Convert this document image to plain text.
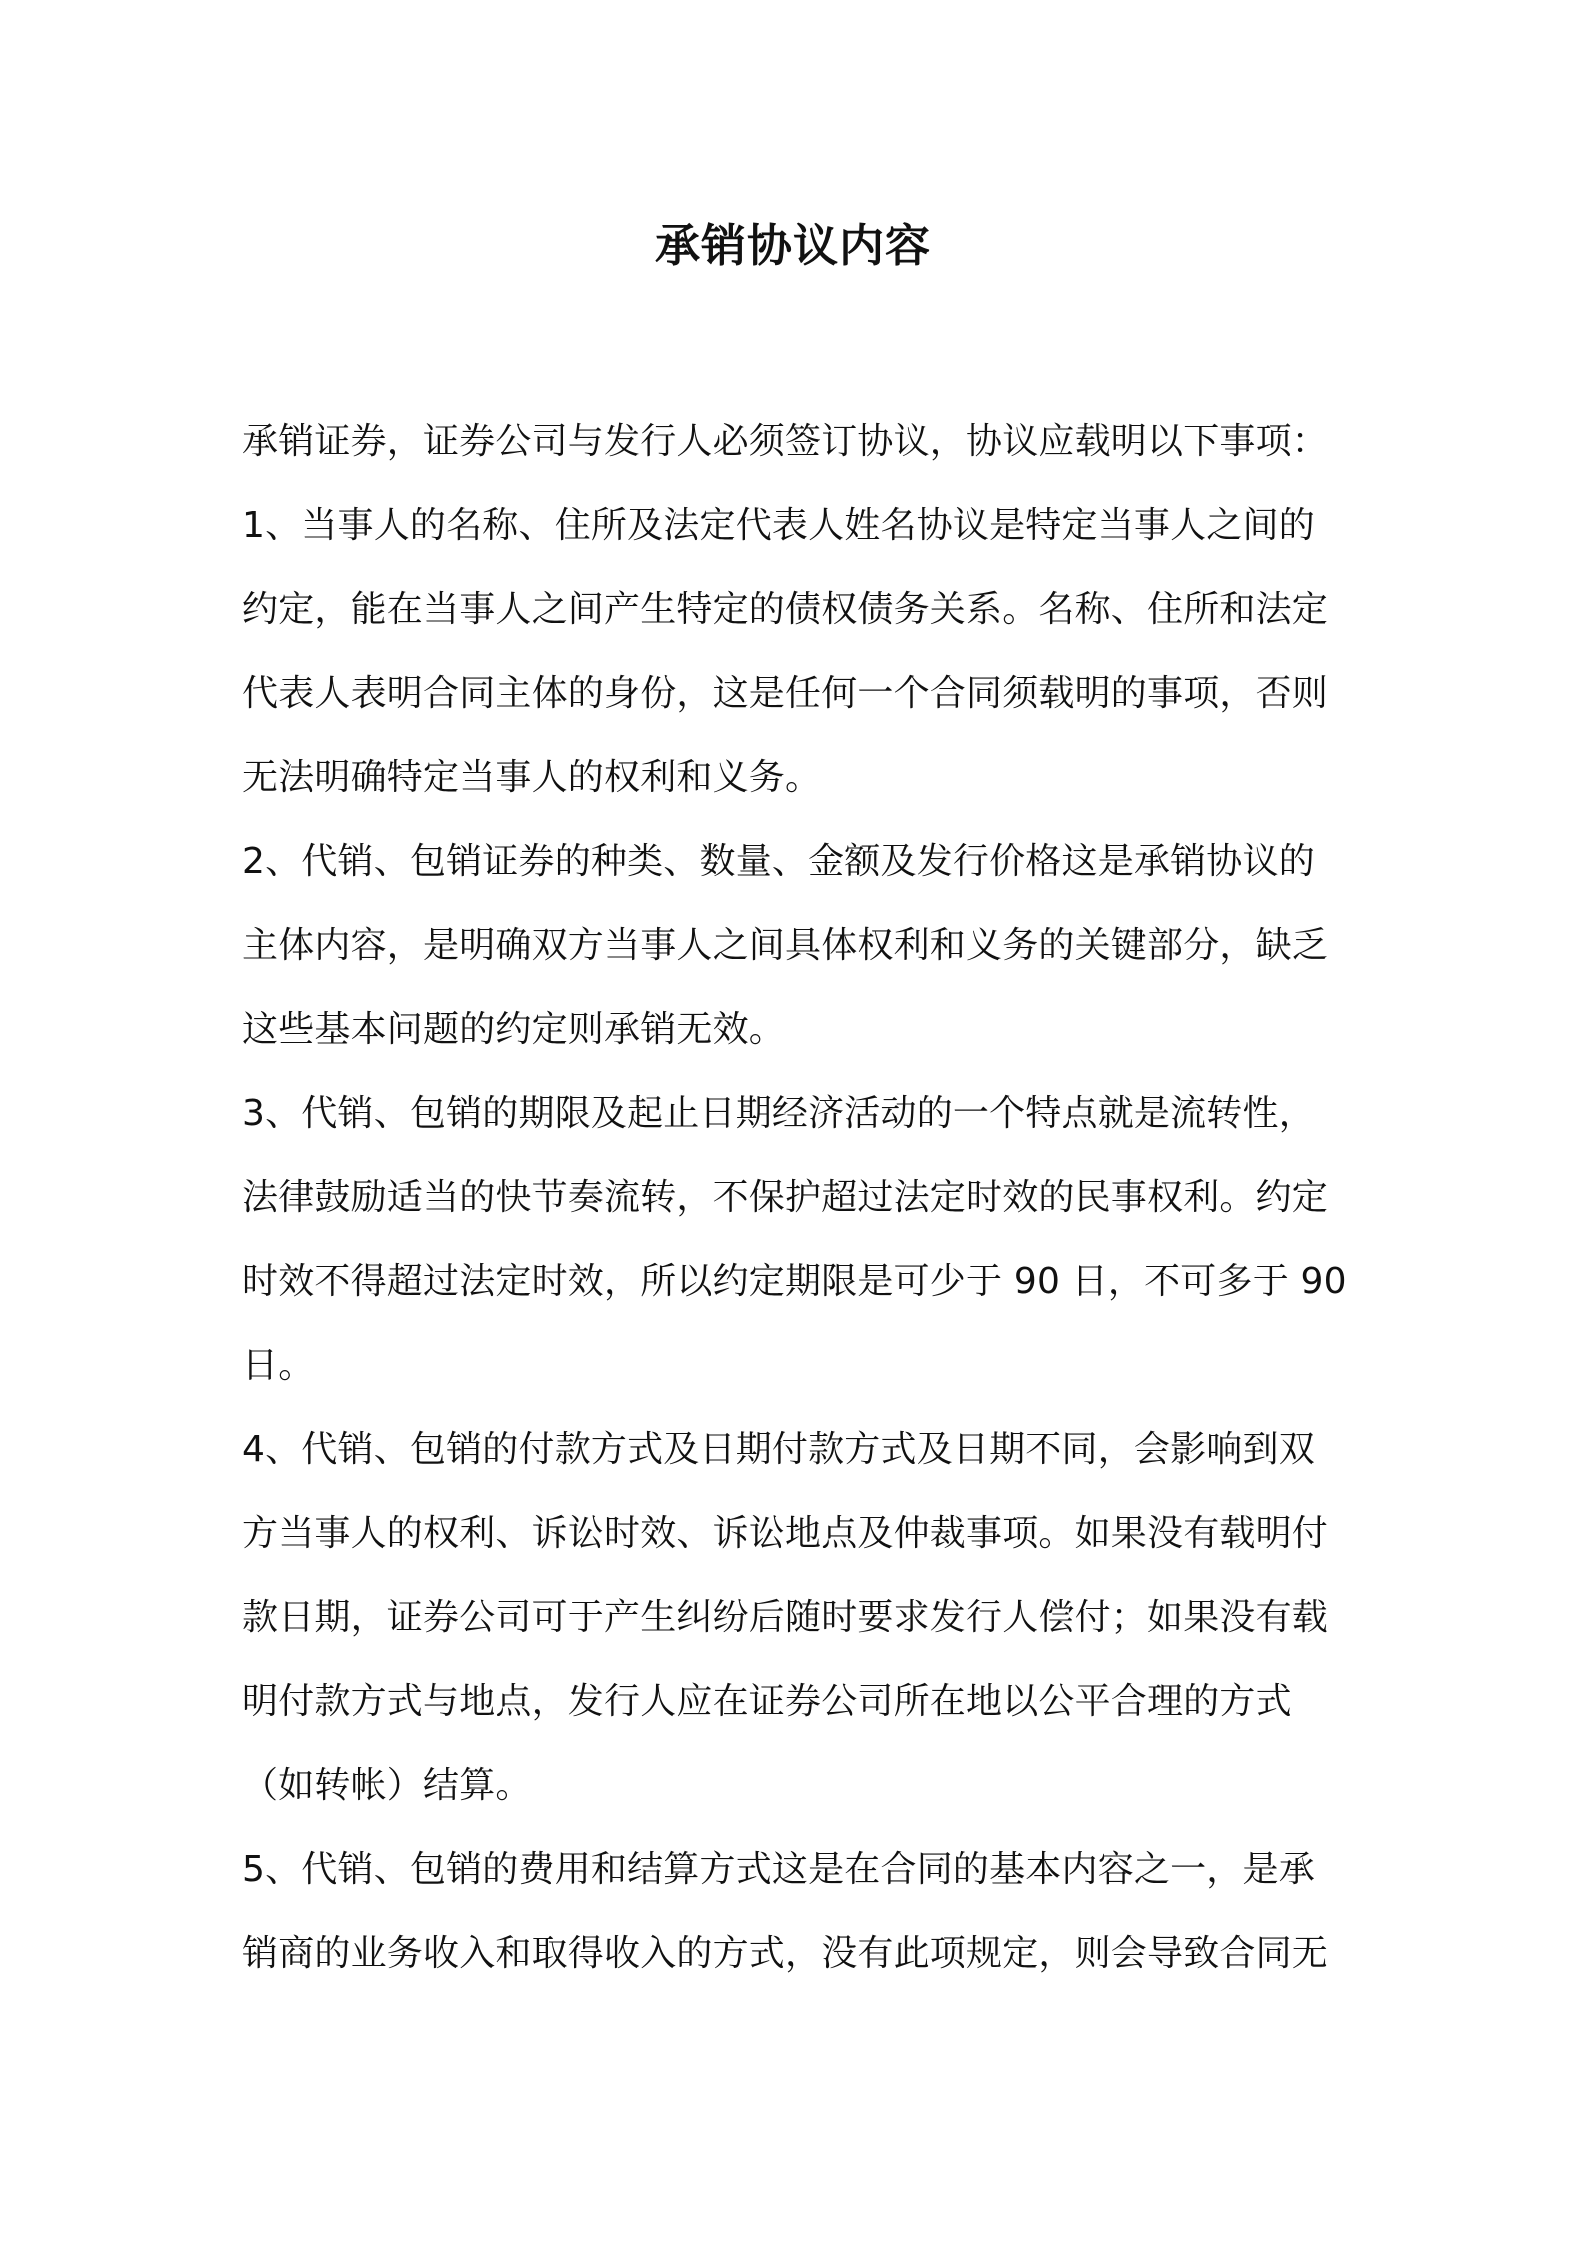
承销协议内容
承销证券，证券公司与发行人必须签订协议，协议应载明以下事项：
1、当事人的名称、住所及法定代表人姓名协议是特定当事人之间的
约定，能在当事人之间产生特定的债权债务关系。名称、住所和法定
代表人表明合同主体的身份，这是任何一个合同须载明的事项，否则
无法明确特定当事人的权利和义务。
2、代销、包销证券的种类、数量、金额及发行价格这是承销协议的
主体内容，是明确双方当事人之间具体权利和义务的关键部分，缺乏
这些基本问题的约定则承销无效。
3、代销、包销的期限及起止日期经济活动的一个特点就是流转性，
法律鼓励适当的快节奏流转，不保护超过法定时效的民事权利。约定
时效不得超过法定时效，所以约定期限是可少于 90 日，不可多于 90
日。
4、代销、包销的付款方式及日期付款方式及日期不同，会影响到双
方当事人的权利、诉讼时效、诉讼地点及仲裁事项。如果没有载明付
款日期，证券公司可于产生纠纷后随时要求发行人偿付；如果没有载
明付款方式与地点，发行人应在证券公司所在地以公平合理的方式
（如转帐）结算。
5、代销、包销的费用和结算方式这是在合同的基本内容之一，是承
销商的业务收入和取得收入的方式，没有此项规定，则会导致合同无
